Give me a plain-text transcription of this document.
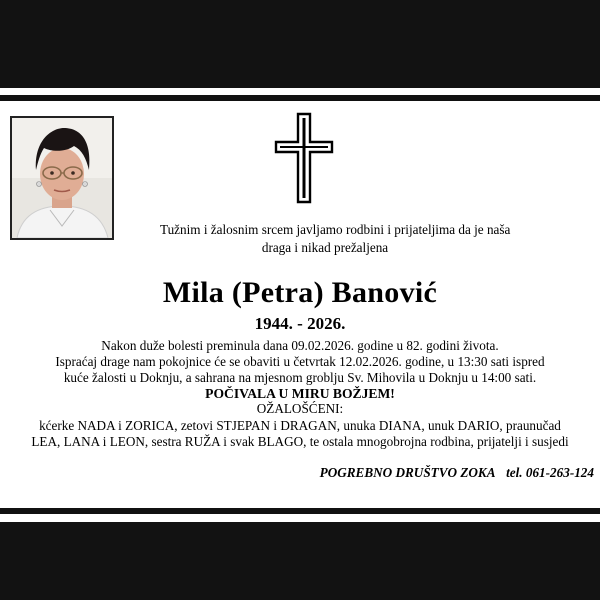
Tužnim i žalosnim srcem javljamo rodbini i prijateljima da je naša
draga i nikad prežaljena
Mila (Petra) Banović
1944. - 2026.
Nakon duže bolesti preminula dana 09.02.2026. godine u 82. godini života.
Ispraćaj drage nam pokojnice će se obaviti u četvrtak 12.02.2026. godine, u 13:30 sati ispred
kuće žalosti u Doknju, a sahrana na mjesnom groblju Sv. Mihovila u Doknju u 14:00 sati.
POČIVALA U MIRU BOŽJEM!
OŽALOŠĆENI:
kćerke NADA i ZORICA, zetovi STJEPAN i DRAGAN, unuka DIANA, unuk DARIO, praunučad
LEA, LANA i LEON, sestra RUŽA i svak BLAGO, te ostala mnogobrojna rodbina, prijatelji i susjedi
POGREBNO DRUŠTVO ZOKA tel. 061-263-124
